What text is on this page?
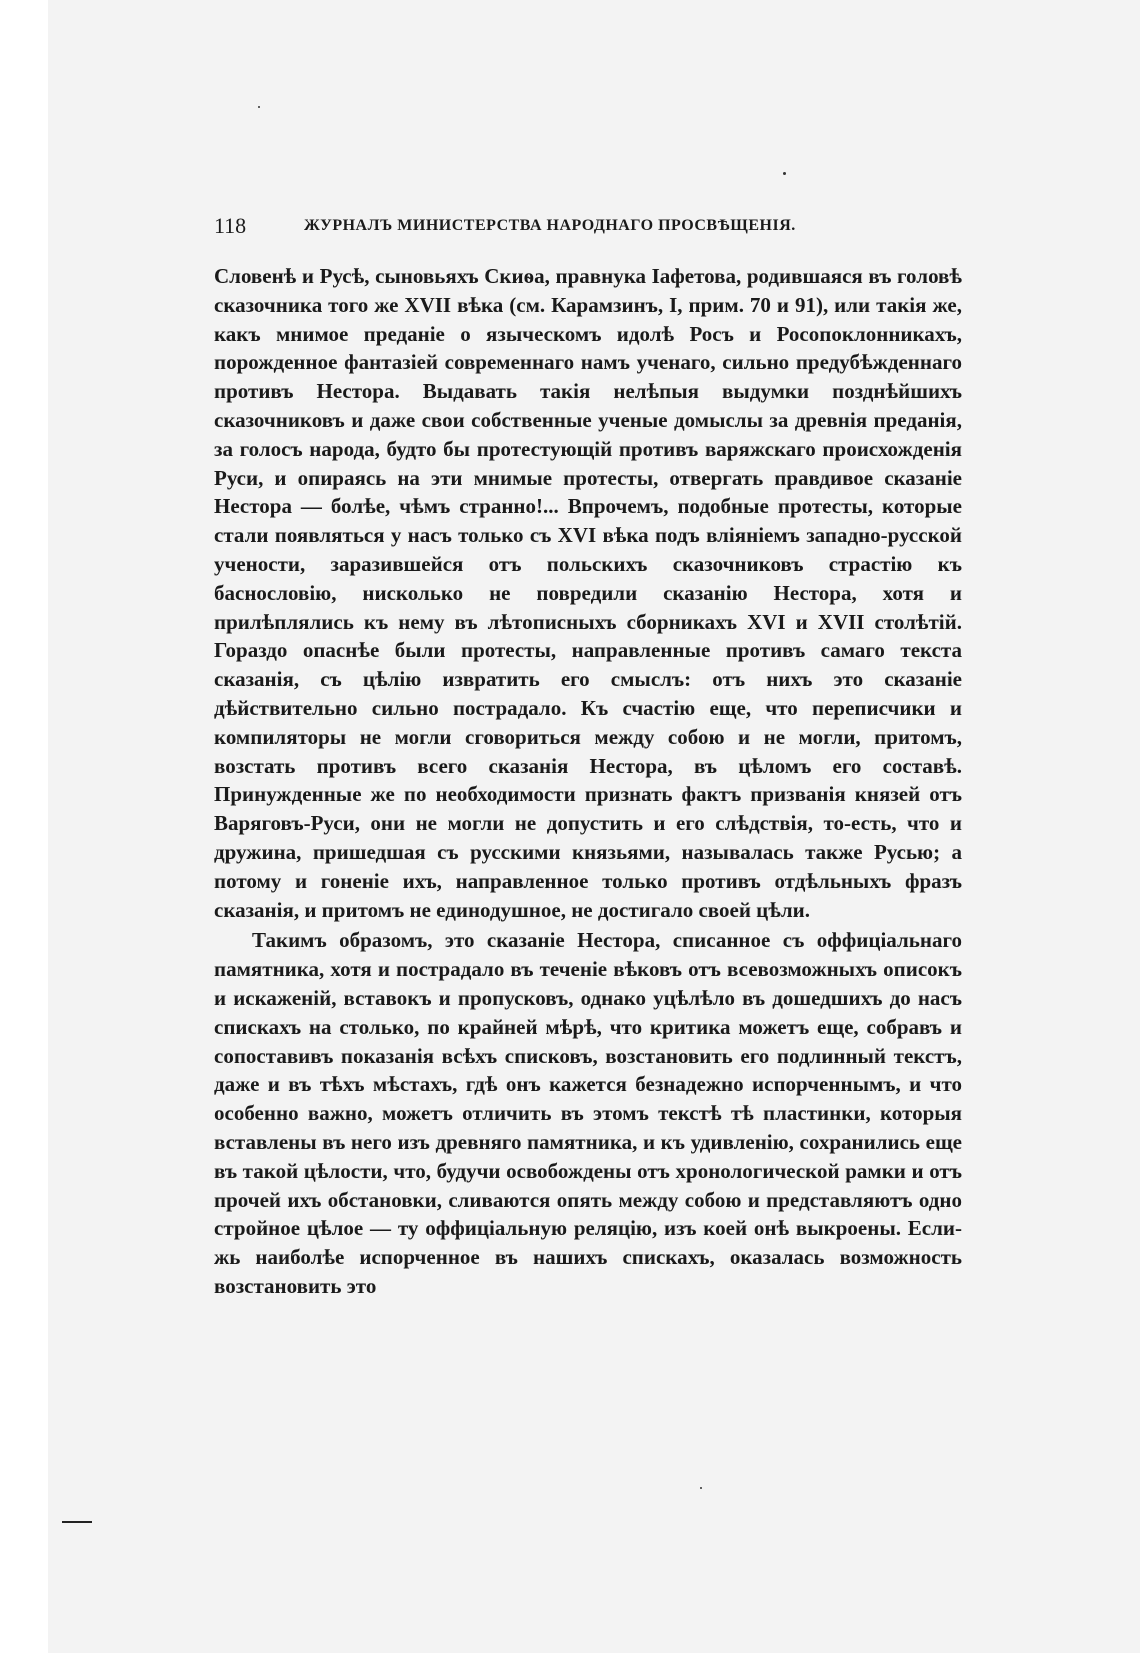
118	ЖУРНАЛЪ МИНИСТЕРСТВА НАРОДНАГО ПРОСВѢЩЕНІЯ.

Словенѣ и Русѣ, сыновьяхъ Скиѳа, правнука Іафетова, родившаяся въ головѣ сказочника того же XVII вѣка (см. Карамзинъ, I, прим. 70 и 91), или такія же, какъ мнимое преданіе о языческомъ идолѣ Росъ и Росопоклонникахъ, порожденное фантазіей современнаго намъ ученаго, сильно предубѣжденнаго противъ Нестора. Выдавать такія нелѣпыя выдумки позднѣйшихъ сказочниковъ и даже свои собственные ученые домыслы за древнія преданія, за голосъ народа, будто бы протестующій противъ варяжскаго происхожденія Руси, и опираясь на эти мнимые протесты, отвергать правдивое сказаніе Нестора — болѣе, чѣмъ странно!... Впрочемъ, подобные протесты, которые стали появляться у насъ только съ XVI вѣка подъ вліяніемъ западно-русской учености, заразившейся отъ польскихъ сказочниковъ страстію къ баснословію, нисколько не повредили сказанію Нестора, хотя и прилѣплялись къ нему въ лѣтописныхъ сборникахъ XVI и XVII столѣтій. Гораздо опаснѣе были протесты, направленные противъ самаго текста сказанія, съ цѣлію извратить его смыслъ: отъ нихъ это сказаніе дѣйствительно сильно пострадало. Къ счастію еще, что переписчики и компиляторы не могли сговориться между собою и не могли, притомъ, возстать противъ всего сказанія Нестора, въ цѣломъ его составѣ. Принужденные же по необходимости признать фактъ призванія князей отъ Варяговъ-Руси, они не могли не допустить и его слѣдствія, то-есть, что и дружина, пришедшая съ русскими князьями, называлась также Русью; а потому и гоненіе ихъ, направленное только противъ отдѣльныхъ фразъ сказанія, и притомъ не единодушное, не достигало своей цѣли.

Такимъ образомъ, это сказаніе Нестора, списанное съ оффиціальнаго памятника, хотя и пострадало въ теченіе вѣковъ отъ всевозможныхъ описокъ и искаженій, вставокъ и пропусковъ, однако уцѣлѣло въ дошедшихъ до насъ спискахъ на столько, по крайней мѣрѣ, что критика можетъ еще, собравъ и сопоставивъ показанія всѣхъ списковъ, возстановить его подлинный текстъ, даже и въ тѣхъ мѣстахъ, гдѣ онъ кажется безнадежно испорченнымъ, и что особенно важно, можетъ отличить въ этомъ текстѣ тѣ пластинки, которыя вставлены въ него изъ древняго памятника, и къ удивленію, сохранились еще въ такой цѣлости, что, будучи освобождены отъ хронологической рамки и отъ прочей ихъ обстановки, сливаются опять между собою и представляютъ одно стройное цѣлое — ту оффиціальную реляцію, изъ коей онѣ выкроены. Если-жь наиболѣе испорченное въ нашихъ спискахъ, оказалась возможность возстановить это
